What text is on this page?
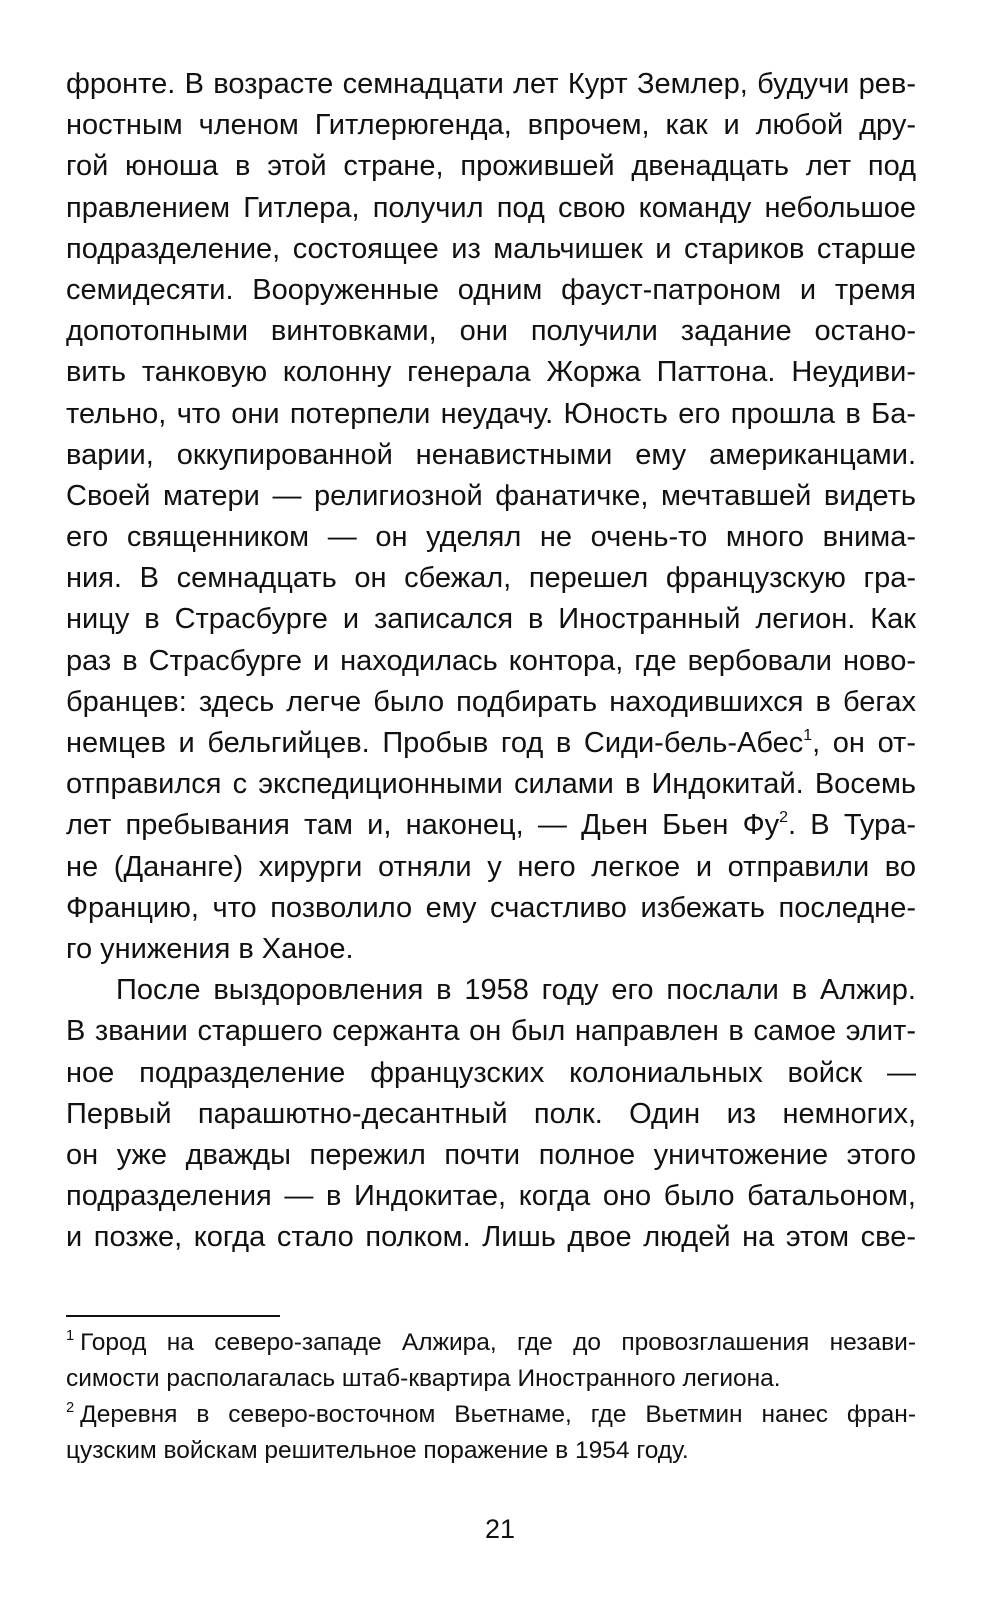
фронте. В возрасте семнадцати лет Курт Землер, будучи рев-
ностным членом Гитлерюгенда, впрочем, как и любой дру-
гой юноша в этой стране, прожившей двенадцать лет под
правлением Гитлера, получил под свою команду небольшое
подразделение, состоящее из мальчишек и стариков старше
семидесяти. Вооруженные одним фауст-патроном и тремя
допотопными винтовками, они получили задание остано-
вить танковую колонну генерала Жоржа Паттона. Неудиви-
тельно, что они потерпели неудачу. Юность его прошла в Ба-
варии, оккупированной ненавистными ему американцами.
Своей матери — религиозной фанатичке, мечтавшей видеть
его священником — он уделял не очень-то много внима-
ния. В семнадцать он сбежал, перешел французскую гра-
ницу в Страсбурге и записался в Иностранный легион. Как
раз в Страсбурге и находилась контора, где вербовали ново-
бранцев: здесь легче было подбирать находившихся в бегах
немцев и бельгийцев. Пробыв год в Сиди-бель-Абес$^1$, он от-
отправился с экспедиционными силами в Индокитай. Восемь
лет пребывания там и, наконец, — Дьен Бьен $Фу^2$. В Тура-
не (Дананге) хирурги отняли у него легкое и отправили во
Францию, что позволило ему счастливо избежать последне-
го унижения в Ханое.
После выздоровления в 1958 году его послали в Алжир.
В звании старшего сержанта он был направлен в самое элит-
ное подразделение французских колониальных войск —
Первый парашютно-десантный полк. Один из немногих,
он уже дважды пережил почти полное уничтожение этого
подразделения — в Индокитае, когда оно было батальоном,
и позже, когда стало полком. Лишь двое людей на этом све-
$^1$ Город на северо-западе Алжира, где до провозглашения незави-
симости располагалась штаб-квартира Иностранного легиона.
$^2$ Деревня в северо-восточном Вьетнаме, где Вьетмин нанес фран-
цузским войскам решительное поражение в 1954 году.
21
